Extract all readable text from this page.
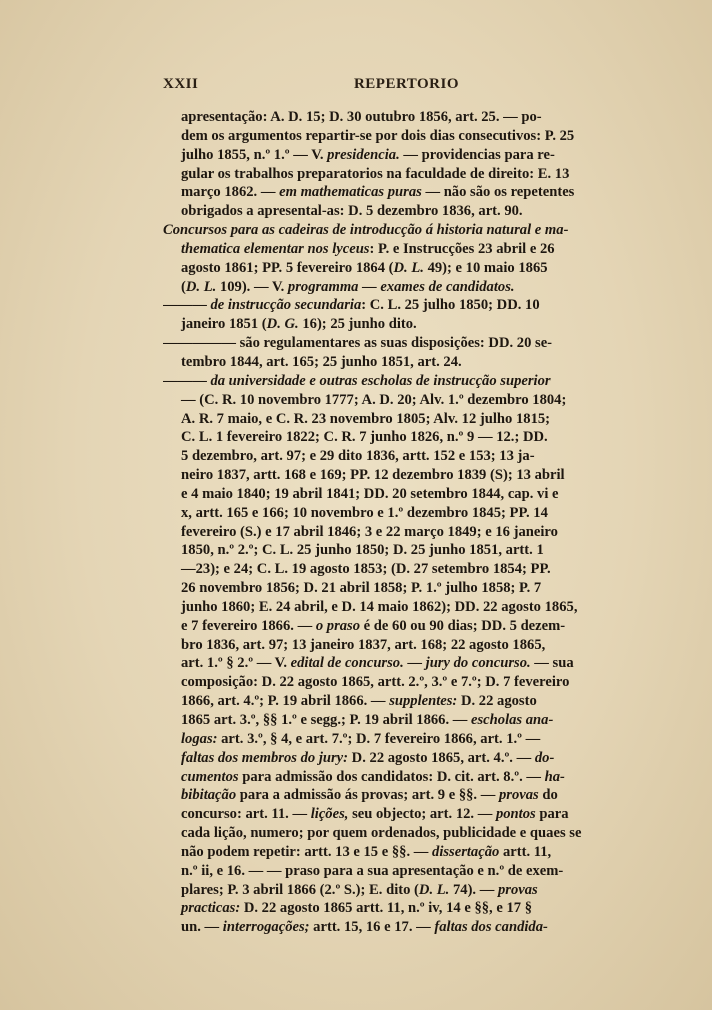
XXII	REPERTORIO
apresentação: A. D. 15; D. 30 outubro 1856, art. 25. — po-
dem os argumentos repartir-se por dois dias consecutivos: P. 25
julho 1855, n.º 1.º — V. presidencia. — providencias para re-
gular os trabalhos preparatorios na faculdade de direito: E. 13
março 1862. — em mathematicas puras — não são os repetentes
obrigados a apresental-as: D. 5 dezembro 1836, art. 90.
Concursos para as cadeiras de introducção á historia natural e ma-
thematica elementar nos lyceus: P. e Instrucções 23 abril e 26
agosto 1861; PP. 5 fevereiro 1864 (D. L. 49); e 10 maio 1865
(D. L. 109). — V. programma — exames de candidatos.
——— de instrucção secundaria: C. L. 25 julho 1850; DD. 10
janeiro 1851 (D. G. 16); 25 junho dito.
————— são regulamentares as suas disposições: DD. 20 se-
tembro 1844, art. 165; 25 junho 1851, art. 24.
——— da universidade e outras escholas de instrucção superior
— (C. R. 10 novembro 1777; A. D. 20; Alv. 1.º dezembro 1804;
A. R. 7 maio, e C. R. 23 novembro 1805; Alv. 12 julho 1815;
C. L. 1 fevereiro 1822; C. R. 7 junho 1826, n.º 9 — 12.; DD.
5 dezembro, art. 97; e 29 dito 1836, artt. 152 e 153; 13 ja-
neiro 1837, artt. 168 e 169; PP. 12 dezembro 1839 (S); 13 abril
e 4 maio 1840; 19 abril 1841; DD. 20 setembro 1844, cap. vi e
x, artt. 165 e 166; 10 novembro e 1.º dezembro 1845; PP. 14
fevereiro (S.) e 17 abril 1846; 3 e 22 março 1849; e 16 janeiro
1850, n.º 2.º; C. L. 25 junho 1850; D. 25 junho 1851, artt. 1
—23); e 24; C. L. 19 agosto 1853; (D. 27 setembro 1854; PP.
26 novembro 1856; D. 21 abril 1858; P. 1.º julho 1858; P. 7
junho 1860; E. 24 abril, e D. 14 maio 1862); DD. 22 agosto 1865,
e 7 fevereiro 1866. — o praso é de 60 ou 90 dias; DD. 5 dezem-
bro 1836, art. 97; 13 janeiro 1837, art. 168; 22 agosto 1865,
art. 1.º § 2.º — V. edital de concurso. — jury do concurso. — sua
composição: D. 22 agosto 1865, artt. 2.º, 3.º e 7.º; D. 7 fevereiro
1866, art. 4.º; P. 19 abril 1866. — supplentes: D. 22 agosto
1865 art. 3.º, §§ 1.º e segg.; P. 19 abril 1866. — escholas ana-
logas: art. 3.º, § 4, e art. 7.º; D. 7 fevereiro 1866, art. 1.º —
faltas dos membros do jury: D. 22 agosto 1865, art. 4.º. — do-
cumentos para admissão dos candidatos: D. cit. art. 8.º. — ha-
bibitação para a admissão ás provas; art. 9 e §§. — provas do
concurso: art. 11. — lições, seu objecto; art. 12. — pontos para
cada lição, numero; por quem ordenados, publicidade e quaes se
não podem repetir: artt. 13 e 15 e §§. — dissertação artt. 11,
n.º ii, e 16. — — praso para a sua apresentação e n.º de exem-
plares; P. 3 abril 1866 (2.º S.); E. dito (D. L. 74). — provas
practicas: D. 22 agosto 1865 artt. 11, n.º iv, 14 e §§, e 17 §
un. — interrogações; artt. 15, 16 e 17. — faltas dos candida-
